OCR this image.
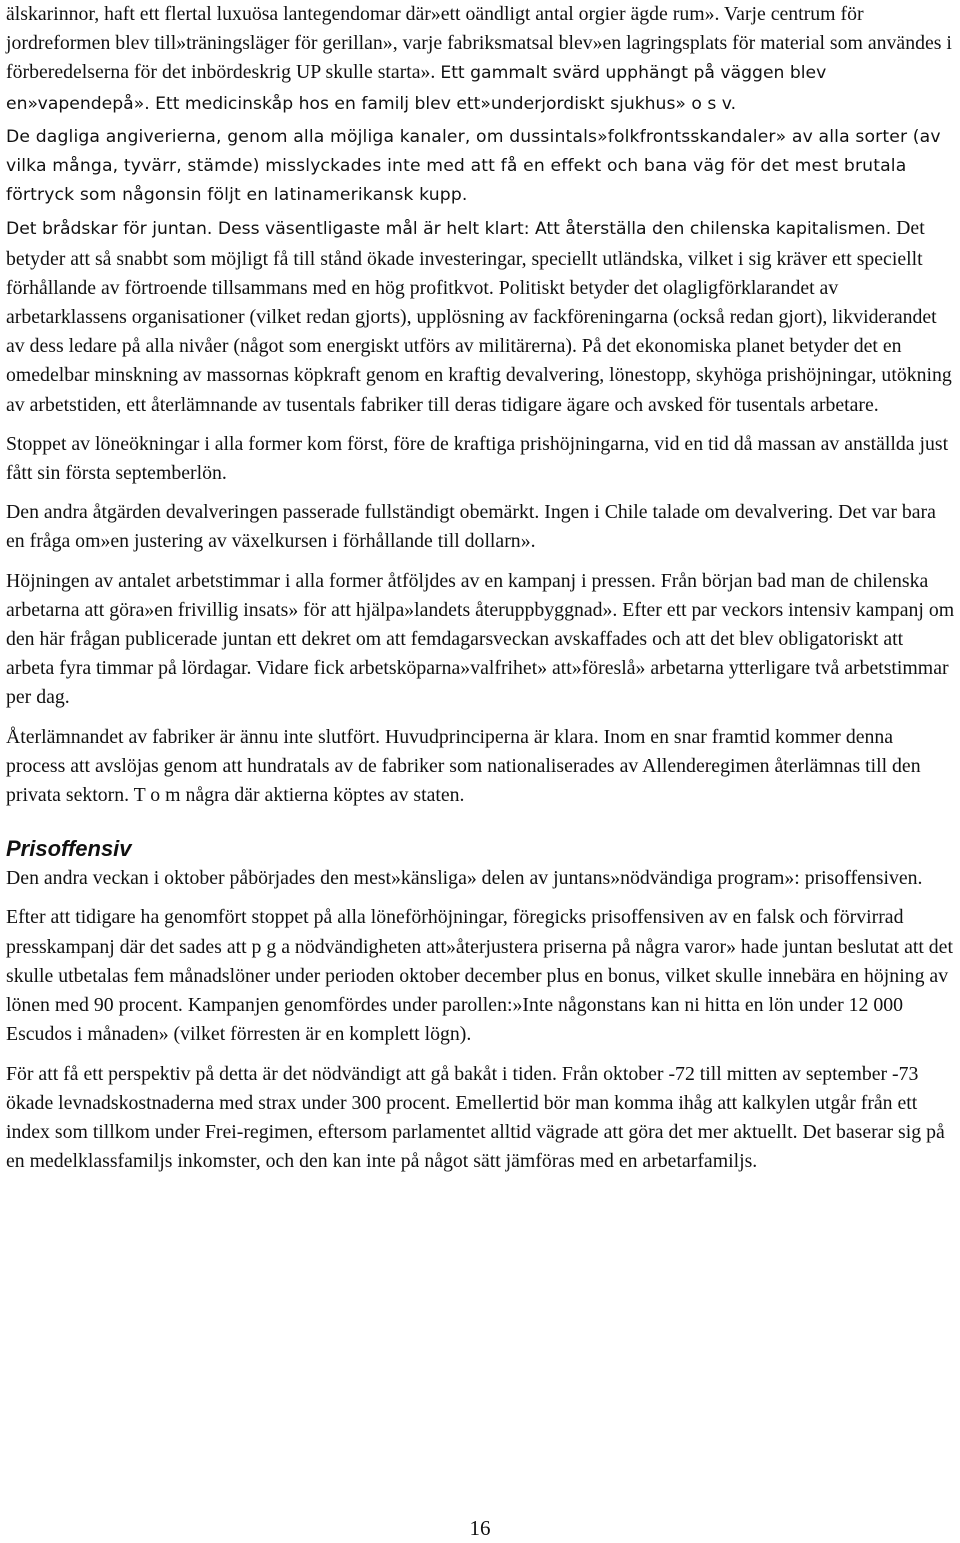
älskarinnor, haft ett flertal luxuösa lantegendomar där»ett oändligt antal orgier ägde rum». Varje centrum för jordreformen blev till»träningsläger för gerillan», varje fabriksmatsal blev»en lagringsplats för material som användes i förberedelserna för det inbördeskrig UP skulle starta». Ett gammalt svärd upphängt på väggen blev en»vapendepå». Ett medicinskåp hos en familj blev ett»underjordiskt sjukhus» o s v.

De dagliga angiverierna, genom alla möjliga kanaler, om dussintals»folkfrontsskandaler» av alla sorter (av vilka många, tyvärr, stämde) misslyckades inte med att få en effekt och bana väg för det mest brutala förtryck som någonsin följt en latinamerikansk kupp.

Det brådskar för juntan. Dess väsentligaste mål är helt klart: Att återställa den chilenska kapitalismen. Det betyder att så snabbt som möjligt få till stånd ökade investeringar, speciellt utländska, vilket i sig kräver ett speciellt förhållande av förtroende tillsammans med en hög profitkvot. Politiskt betyder det olagligförklarandet av arbetarklassens organisationer (vilket redan gjorts), upplösning av fackföreningarna (också redan gjort), likviderandet av dess ledare på alla nivåer (något som energiskt utförs av militärerna). På det ekonomiska planet betyder det en omedelbar minskning av massornas köpkraft genom en kraftig devalvering, lönestopp, skyhöga prishöjningar, utökning av arbetstiden, ett återlämnande av tusentals fabriker till deras tidigare ägare och avsked för tusentals arbetare.

Stoppet av löneökningar i alla former kom först, före de kraftiga prishöjningarna, vid en tid då massan av anställda just fått sin första septemberlön.

Den andra åtgärden devalveringen passerade fullständigt obemärkt. Ingen i Chile talade om devalvering. Det var bara en fråga om»en justering av växelkursen i förhållande till dollarn».

Höjningen av antalet arbetstimmar i alla former åtföljdes av en kampanj i pressen. Från början bad man de chilenska arbetarna att göra»en frivillig insats» för att hjälpa»landets återuppbyggnad». Efter ett par veckors intensiv kampanj om den här frågan publicerade juntan ett dekret om att femdagarsveckan avskaffades och att det blev obligatoriskt att arbeta fyra timmar på lördagar. Vidare fick arbetsköparna»valfrihet» att»föreslå» arbetarna ytterligare två arbetstimmar per dag.

Återlämnandet av fabriker är ännu inte slutfört. Huvudprinciperna är klara. Inom en snar framtid kommer denna process att avslöjas genom att hundratals av de fabriker som nationaliserades av Allenderegimen återlämnas till den privata sektorn. T o m några där aktierna köptes av staten.

Prisoffensiv

Den andra veckan i oktober påbörjades den mest»känsliga» delen av juntans»nödvändiga program»: prisoffensiven.

Efter att tidigare ha genomfört stoppet på alla löneförhöjningar, föregicks prisoffensiven av en falsk och förvirrad presskampanj där det sades att p g a nödvändigheten att»återjustera priserna på några varor» hade juntan beslutat att det skulle utbetalas fem månadslöner under perioden oktober december plus en bonus, vilket skulle innebära en höjning av lönen med 90 procent. Kampanjen genomfördes under parollen:»Inte någonstans kan ni hitta en lön under 12 000 Escudos i månaden» (vilket förresten är en komplett lögn).

För att få ett perspektiv på detta är det nödvändigt att gå bakåt i tiden. Från oktober -72 till mitten av september -73 ökade levnadskostnaderna med strax under 300 procent. Emellertid bör man komma ihåg att kalkylen utgår från ett index som tillkom under Frei-regimen, eftersom parlamentet alltid vägrade att göra det mer aktuellt. Det baserar sig på en medelklassfamiljs inkomster, och den kan inte på något sätt jämföras med en arbetarfamiljs.

16
